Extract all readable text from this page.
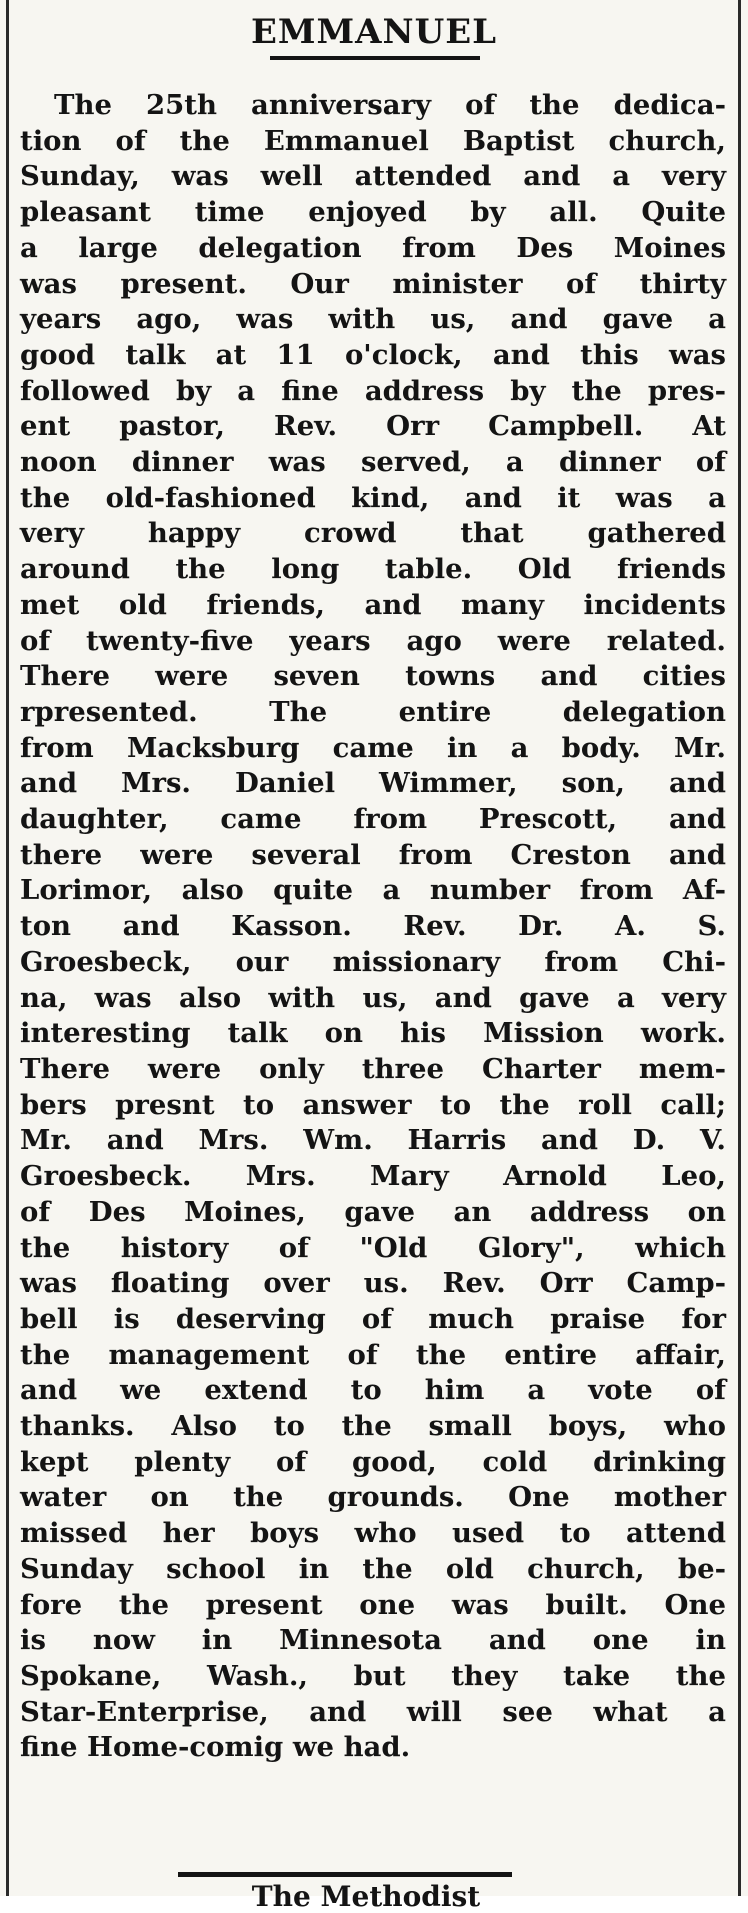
EMMANUEL
The 25th anniversary of the dedica-
tion of the Emmanuel Baptist church,
Sunday, was well attended and a very
pleasant time enjoyed by all. Quite
a large delegation from Des Moines
was present. Our minister of thirty
years ago, was with us, and gave a
good talk at 11 o'clock, and this was
followed by a fine address by the pres-
ent pastor, Rev. Orr Campbell. At
noon dinner was served, a dinner of
the old-fashioned kind, and it was a
very happy crowd that gathered
around the long table. Old friends
met old friends, and many incidents
of twenty-five years ago were related.
There were seven towns and cities
rpresented. The entire delegation
from Macksburg came in a body. Mr.
and Mrs. Daniel Wimmer, son, and
daughter, came from Prescott, and
there were several from Creston and
Lorimor, also quite a number from Af-
ton and Kasson. Rev. Dr. A. S.
Groesbeck, our missionary from Chi-
na, was also with us, and gave a very
interesting talk on his Mission work.
There were only three Charter mem-
bers presnt to answer to the roll call;
Mr. and Mrs. Wm. Harris and D. V.
Groesbeck. Mrs. Mary Arnold Leo,
of Des Moines, gave an address on
the history of "Old Glory", which
was floating over us. Rev. Orr Camp-
bell is deserving of much praise for
the management of the entire affair,
and we extend to him a vote of
thanks. Also to the small boys, who
kept plenty of good, cold drinking
water on the grounds. One mother
missed her boys who used to attend
Sunday school in the old church, be-
fore the present one was built. One
is now in Minnesota and one in
Spokane, Wash., but they take the
Star-Enterprise, and will see what a
fine Home-comig we had.
The Methodist
